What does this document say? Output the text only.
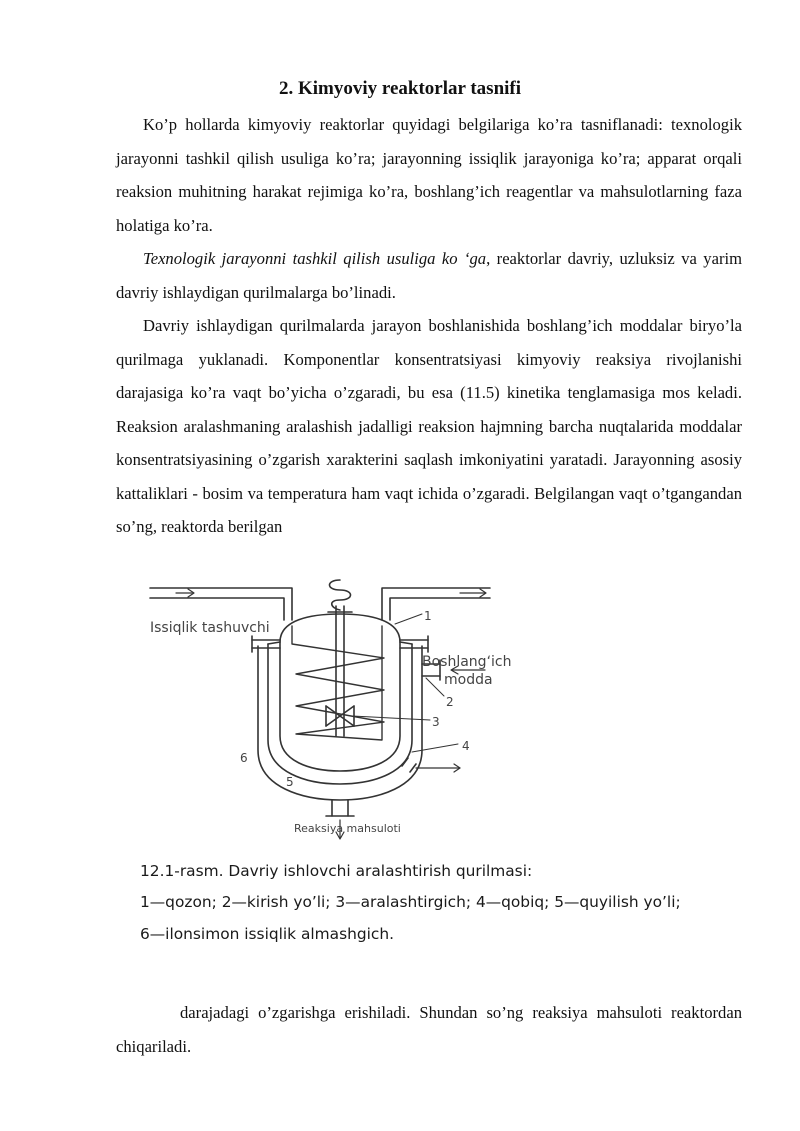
2. Kimyoviy reaktorlar tasnifi

Ko’p hollarda kimyoviy reaktorlar quyidagi belgilariga ko’ra tasniflanadi: texnologik jarayonni tashkil qilish usuliga ko’ra; jarayonning issiqlik jarayoniga ko’ra; apparat orqali reaksion muhitning harakat rejimiga ko’ra, boshlang’ich reagentlar va mahsulotlarning faza holatiga ko’ra.

Texnologik jarayonni tashkil qilish usuliga ko ‘ga, reaktorlar davriy, uzluksiz va yarim davriy ishlaydigan qurilmalarga bo’linadi.

Davriy ishlaydigan qurilmalarda jarayon boshlanishida boshlang’ich moddalar biryo’la qurilmaga yuklanadi. Komponentlar konsentratsiyasi kimyoviy reaksiya rivojlanishi darajasiga ko’ra vaqt bo’yicha o’zgaradi, bu esa (11.5) kinetika tenglamasiga mos keladi. Reaksion aralashmaning aralashish jadalligi reaksion hajmning barcha nuqtalarida moddalar konsentratsiyasining o’zgarish xarakterini saqlash imkoniyatini yaratadi. Jarayonning asosiy kattaliklari - bosim va temperatura ham vaqt ichida o’zgaradi. Belgilangan vaqt o’tgangandan so’ng, reaktorda berilgan

Issiqlik tashuvchi
Boshlang‘ich
modda
Reaksiya mahsuloti
1
2
3
4
5
6

12.1-rasm. Davriy ishlovchi aralashtirish qurilmasi:

1—qozon; 2—kirish yo’li; 3—aralashtirgich; 4—qobiq; 5—quyilish yo’li;

6—ilonsimon issiqlik almashgich.

darajadagi o’zgarishga erishiladi. Shundan so’ng reaksiya mahsuloti reaktordan chiqariladi.
